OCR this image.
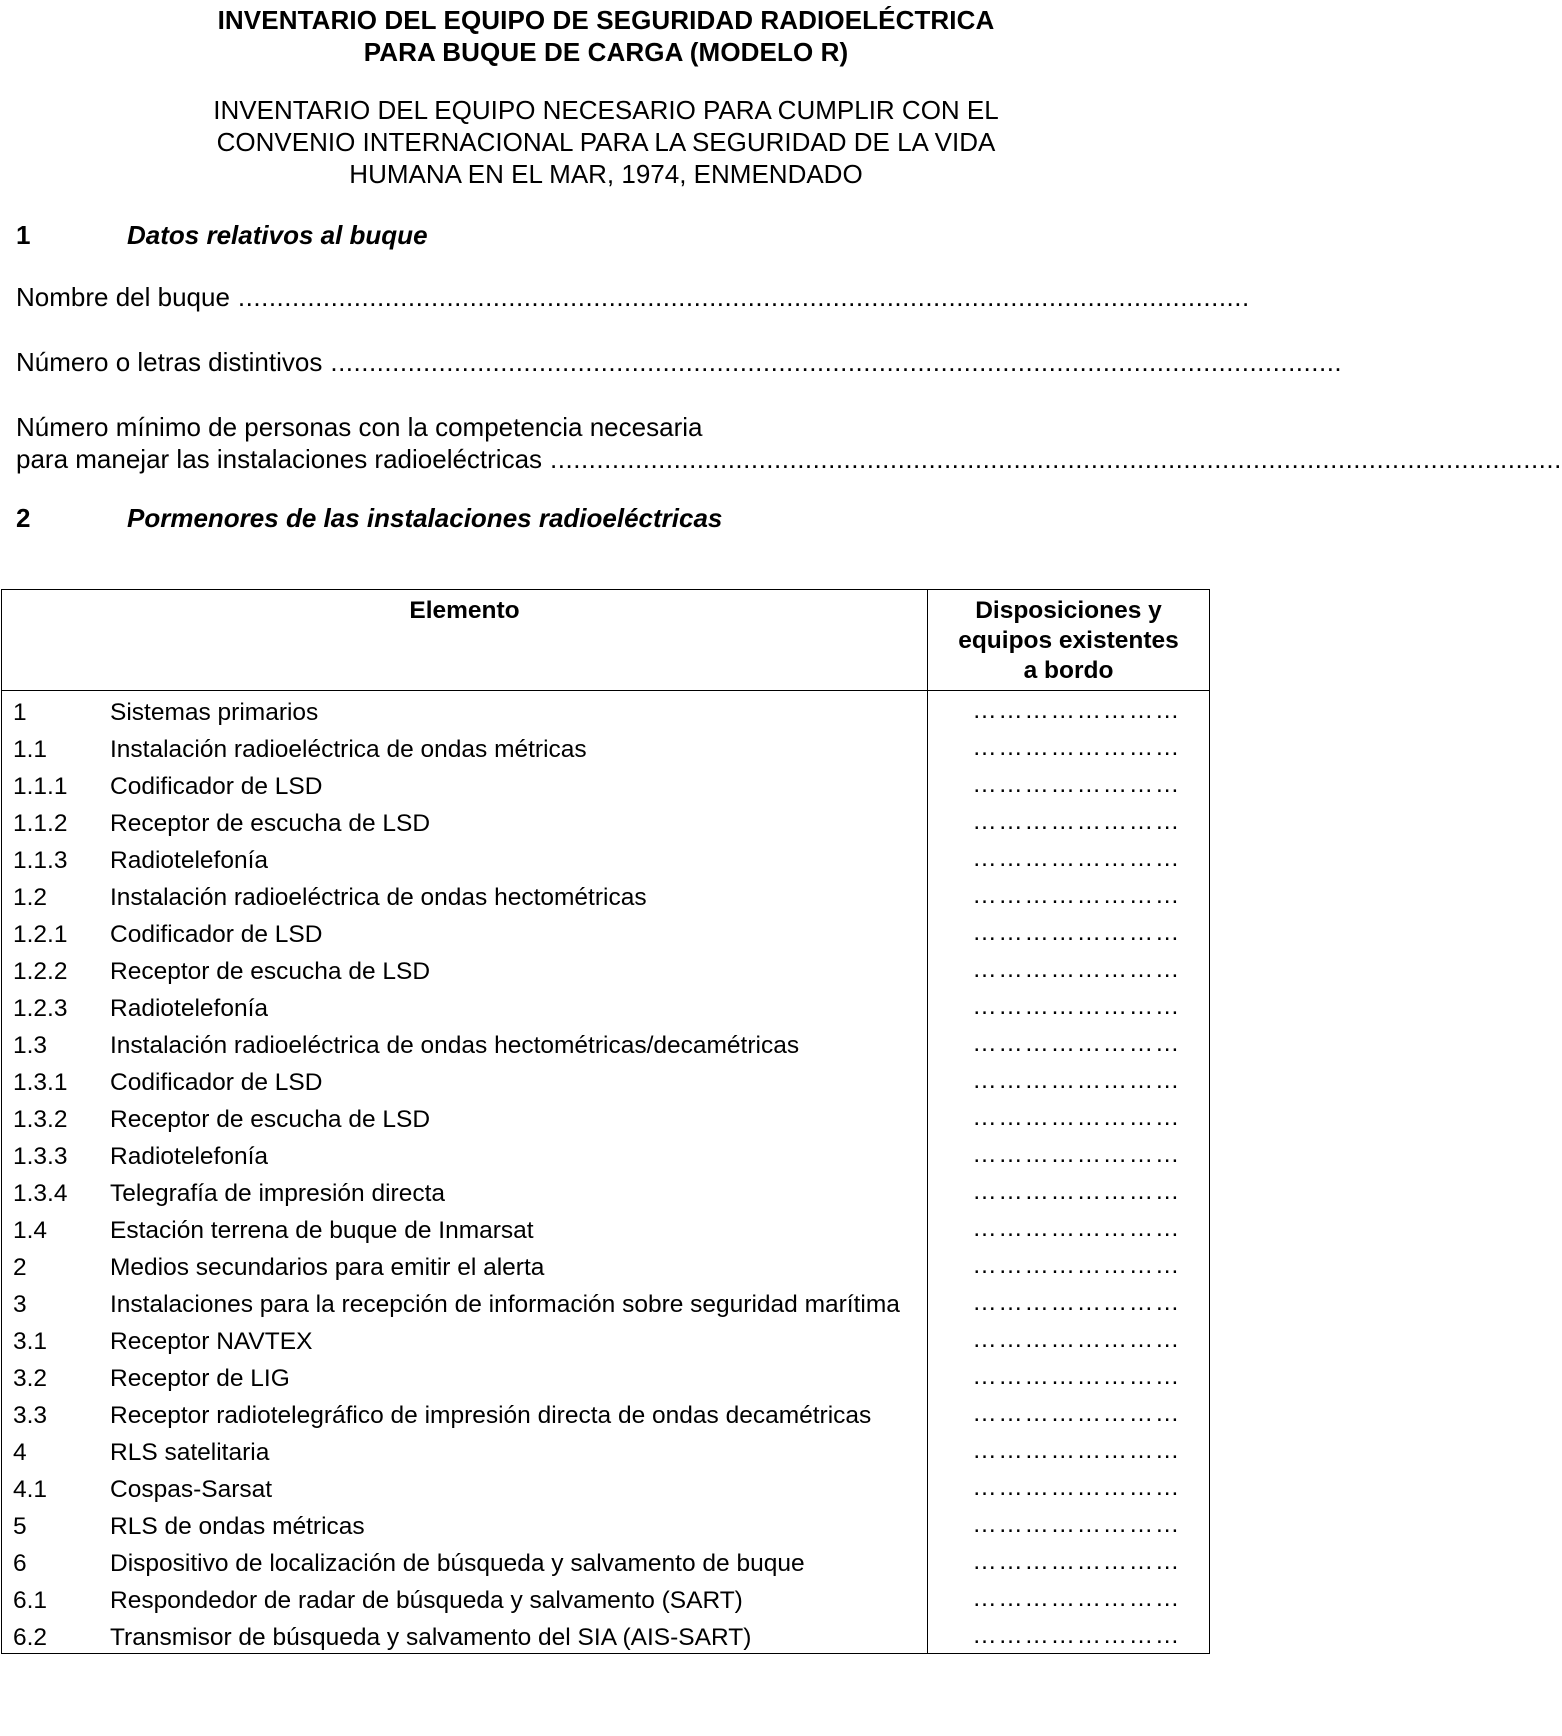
INVENTARIO DEL EQUIPO DE SEGURIDAD RADIOELÉCTRICA
PARA BUQUE DE CARGA (MODELO R)
INVENTARIO DEL EQUIPO NECESARIO PARA CUMPLIR CON EL
CONVENIO INTERNACIONAL PARA LA SEGURIDAD DE LA VIDA
HUMANA EN EL MAR, 1974, ENMENDADO
1	Datos relativos al buque
Nombre del buque ...................................................................................................................................
Número o letras distintivos ...................................................................................................................................
Número mínimo de personas con la competencia necesaria
para manejar las instalaciones radioeléctricas ...................................................................................................................................
2	Pormenores de las instalaciones radioeléctricas
Elemento	Disposiciones y
equipos existentes
a bordo

1 Sistemas primarios	……………………

1.1 Instalación radioeléctrica de ondas métricas	……………………

1.1.1 Codificador de LSD	……………………

1.1.2 Receptor de escucha de LSD	……………………

1.1.3 Radiotelefonía	……………………

1.2 Instalación radioeléctrica de ondas hectométricas	……………………

1.2.1 Codificador de LSD	……………………

1.2.2 Receptor de escucha de LSD	……………………

1.2.3 Radiotelefonía	……………………

1.3 Instalación radioeléctrica de ondas hectométricas/decamétricas	……………………

1.3.1 Codificador de LSD	……………………

1.3.2 Receptor de escucha de LSD	……………………

1.3.3 Radiotelefonía	……………………

1.3.4 Telegrafía de impresión directa	……………………

1.4 Estación terrena de buque de Inmarsat	……………………

2 Medios secundarios para emitir el alerta	……………………

3 Instalaciones para la recepción de información sobre seguridad marítima	……………………

3.1 Receptor NAVTEX	……………………

3.2 Receptor de LIG	……………………

3.3 Receptor radiotelegráfico de impresión directa de ondas decamétricas	……………………

4 RLS satelitaria	……………………

4.1 Cospas-Sarsat	……………………

5 RLS de ondas métricas	……………………

6 Dispositivo de localización de búsqueda y salvamento de buque	……………………

6.1 Respondedor de radar de búsqueda y salvamento (SART)	……………………

6.2 Transmisor de búsqueda y salvamento del SIA (AIS-SART)	……………………
